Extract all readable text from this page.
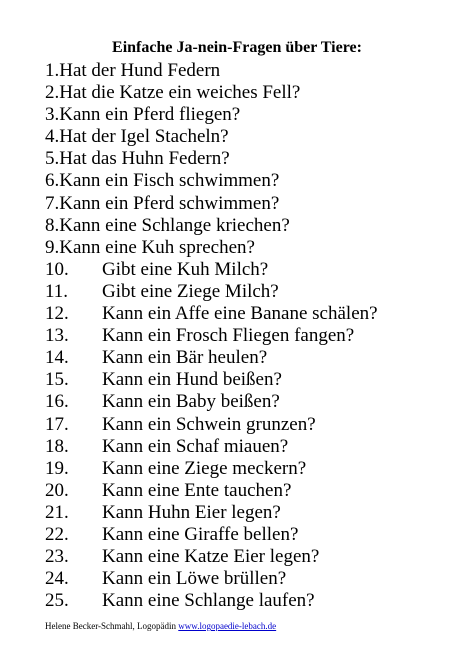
Einfache Ja-nein-Fragen über Tiere:
1.Hat der Hund Federn
2.Hat die Katze ein weiches Fell?
3.Kann ein Pferd fliegen?
4.Hat der Igel Stacheln?
5.Hat das Huhn Federn?
6.Kann ein Fisch schwimmen?
7.Kann ein Pferd schwimmen?
8.Kann eine Schlange kriechen?
9.Kann eine Kuh sprechen?
10. Gibt eine Kuh Milch?
11. Gibt eine Ziege Milch?
12. Kann ein Affe eine Banane schälen?
13. Kann ein Frosch Fliegen fangen?
14. Kann ein Bär heulen?
15. Kann ein Hund beißen?
16. Kann ein Baby beißen?
17. Kann ein Schwein grunzen?
18. Kann ein Schaf miauen?
19. Kann eine Ziege meckern?
20. Kann eine Ente tauchen?
21. Kann Huhn Eier legen?
22. Kann eine Giraffe bellen?
23. Kann eine Katze Eier legen?
24. Kann ein Löwe brüllen?
25. Kann eine Schlange laufen?
Helene Becker-Schmahl, Logopädin www.logopaedie-lebach.de
